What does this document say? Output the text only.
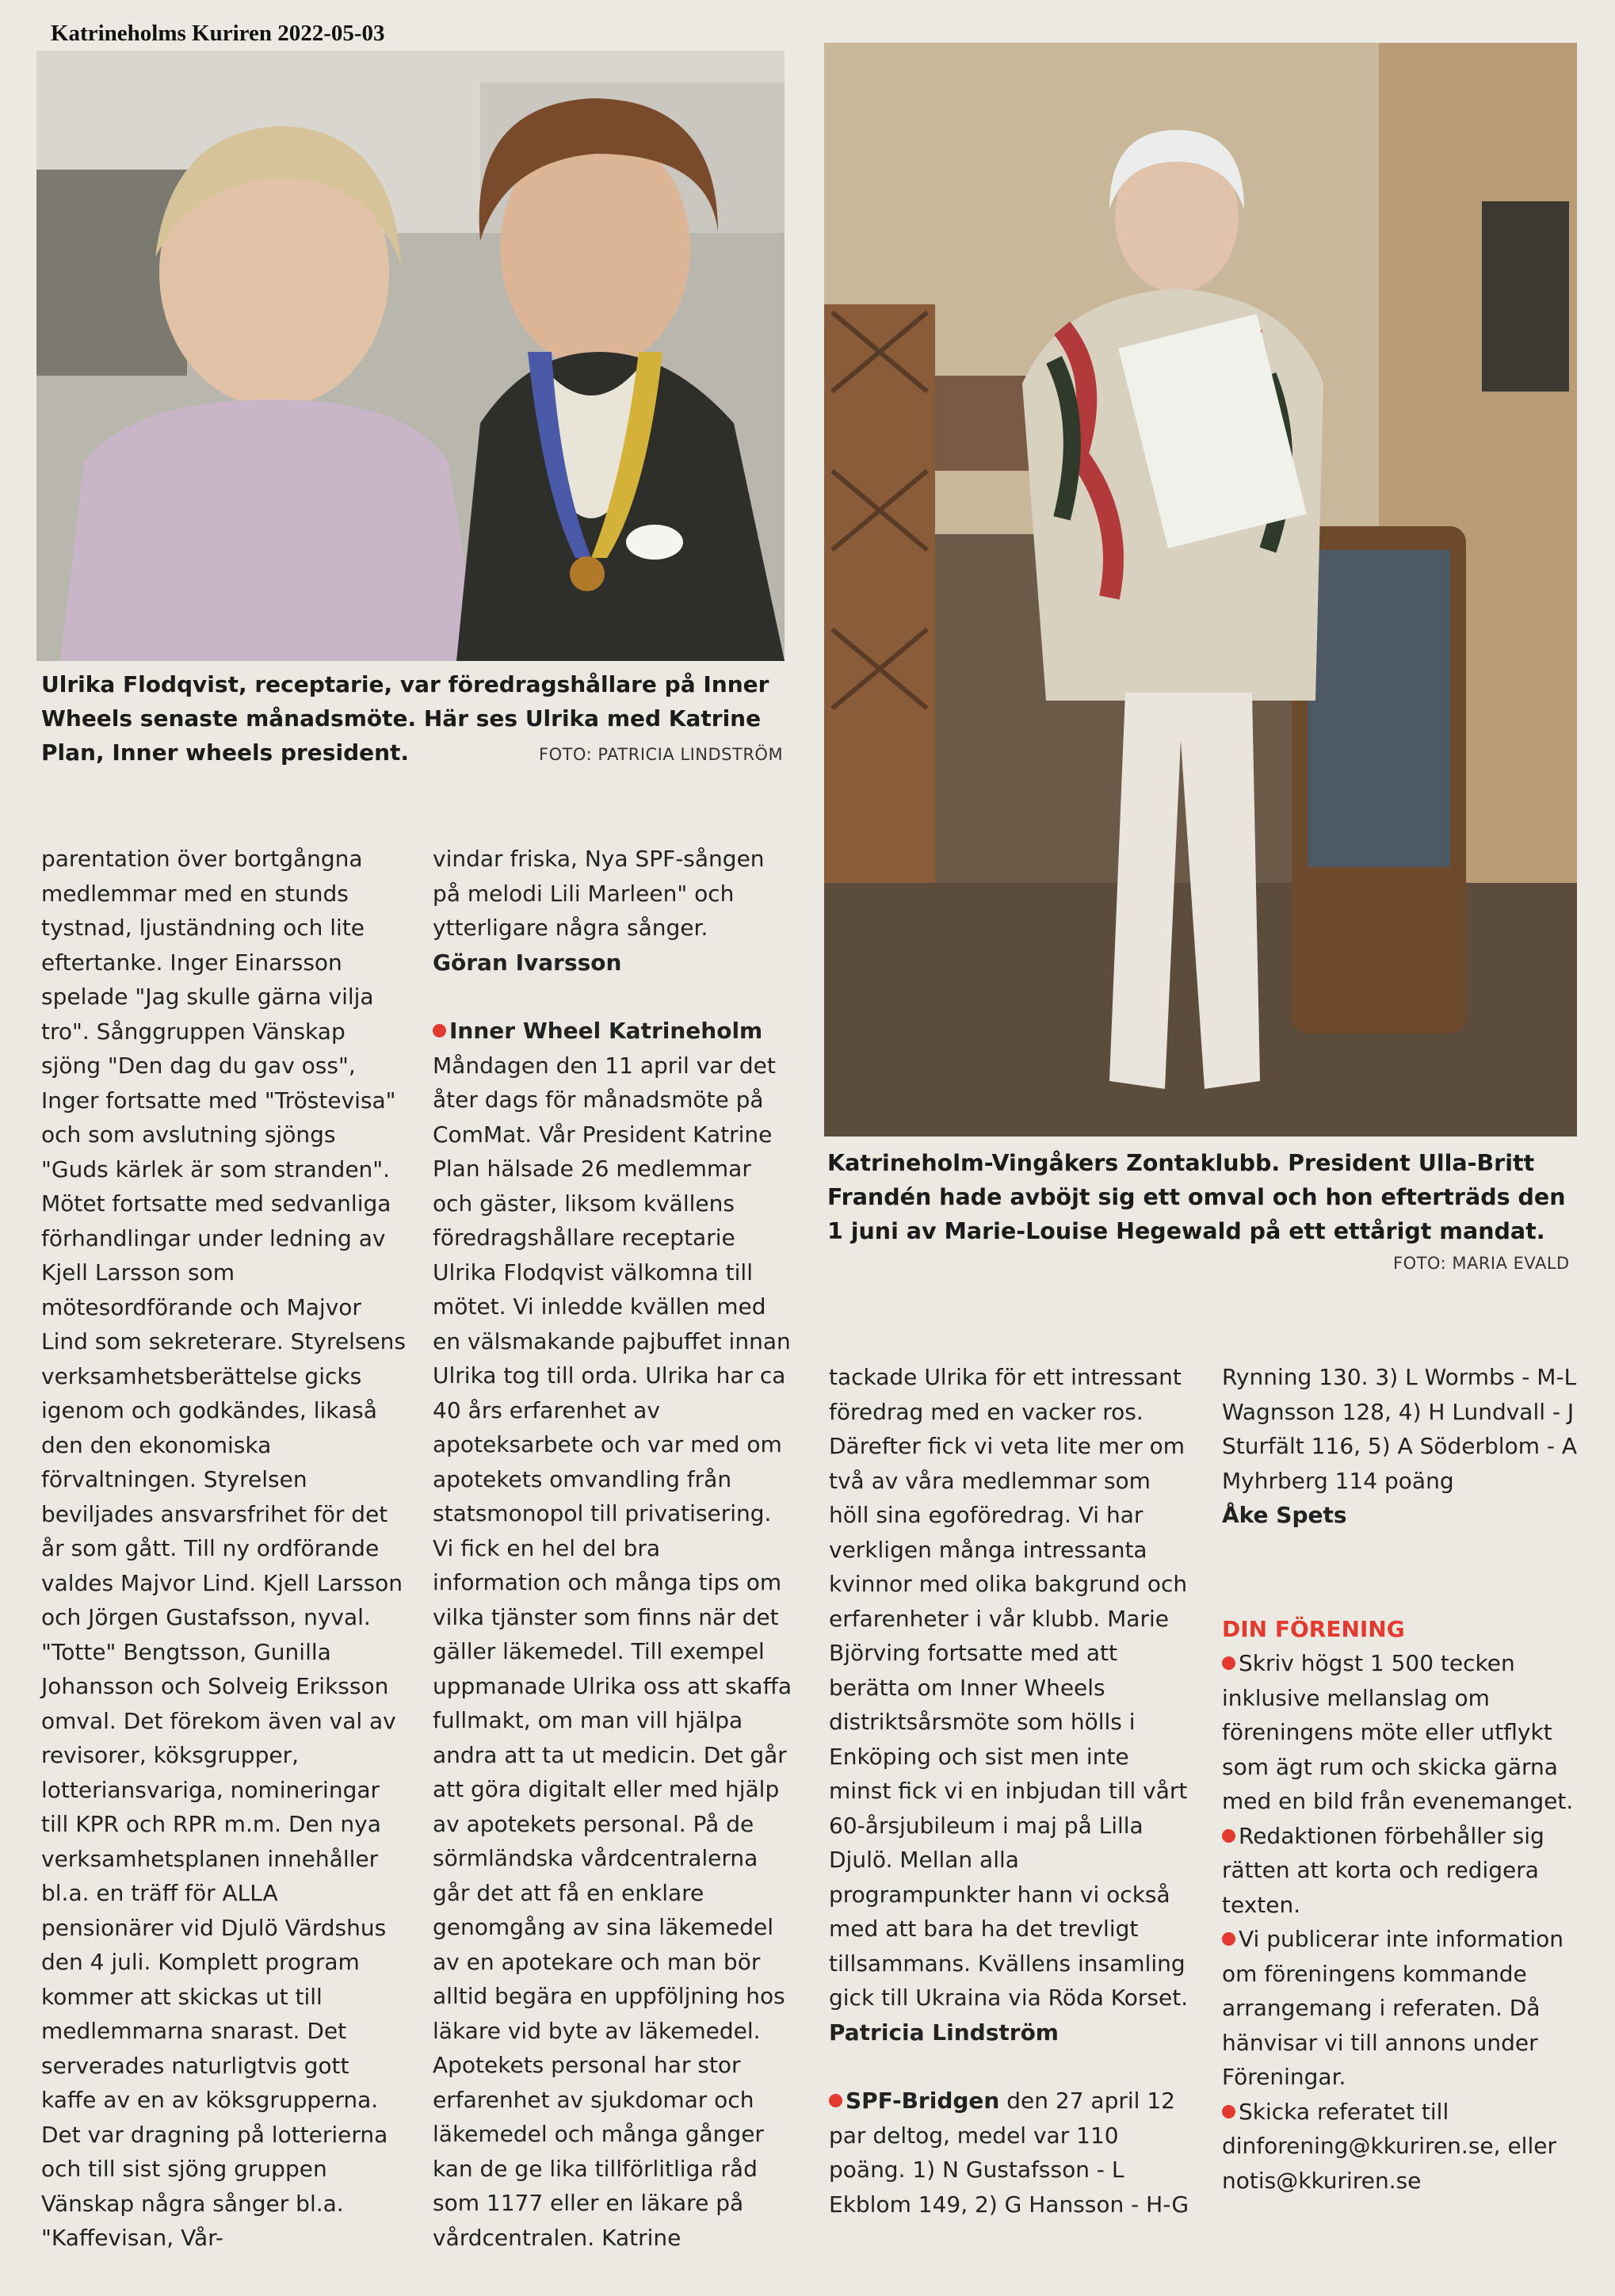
Katrineholms Kuriren 2022-05-03
Ulrika Flodqvist, receptarie, var föredragshållare på Inner Wheels senaste månadsmöte. Här ses Ulrika med Katrine Plan, Inner wheels president.	FOTO: PATRICIA LINDSTRÖM
Katrineholm-Vingåkers Zontaklubb. President Ulla-Britt Frandén hade avböjt sig ett omval och hon efterträds den 1 juni av Marie-Louise Hegewald på ett ettårigt mandat.
FOTO: MARIA EVALD

parentation över bortgångna medlemmar med en stunds tystnad, ljuständning och lite eftertanke. Inger Einarsson spelade "Jag skulle gärna vilja tro". Sånggruppen Vänskap sjöng "Den dag du gav oss", Inger fortsatte med "Tröstevisa" och som avslutning sjöngs "Guds kärlek är som stranden". Mötet fortsatte med sedvanliga förhandlingar under ledning av Kjell Larsson som mötesordförande och Majvor Lind som sekreterare. Styrelsens verksamhetsberättelse gicks igenom och godkändes, likaså den den ekonomiska förvaltningen. Styrelsen beviljades ansvarsfrihet för det år som gått. Till ny ordförande valdes Majvor Lind. Kjell Larsson och Jörgen Gustafsson, nyval. "Totte" Bengtsson, Gunilla Johansson och Solveig Eriksson omval. Det förekom även val av revisorer, köksgrupper, lotteriansvariga, nomineringar till KPR och RPR m.m. Den nya verksamhetsplanen innehåller bl.a. en träff för ALLA pensionärer vid Djulö Värdshus den 4 juli. Komplett program kommer att skickas ut till medlemmarna snarast. Det serverades naturligtvis gott kaffe av en av köksgrupperna. Det var dragning på lotterierna och till sist sjöng gruppen Vänskap några sånger bl.a. "Kaffevisan, Vår-

vindar friska, Nya SPF-sången på melodi Lili Marleen" och ytterligare några sånger.

Göran Ivarsson

Inner Wheel Katrineholm

Måndagen den 11 april var det åter dags för månadsmöte på ComMat. Vår President Katrine Plan hälsade 26 medlemmar och gäster, liksom kvällens föredragshållare receptarie Ulrika Flodqvist välkomna till mötet. Vi inledde kvällen med en välsmakande pajbuffet innan Ulrika tog till orda. Ulrika har ca 40 års erfarenhet av apoteksarbete och var med om apotekets omvandling från statsmonopol till privatisering. Vi fick en hel del bra information och många tips om vilka tjänster som finns när det gäller läkemedel. Till exempel uppmanade Ulrika oss att skaffa fullmakt, om man vill hjälpa andra att ta ut medicin. Det går att göra digitalt eller med hjälp av apotekets personal. På de sörmländska vårdcentralerna går det att få en enklare genomgång av sina läkemedel av en apotekare och man bör alltid begära en uppföljning hos läkare vid byte av läkemedel. Apotekets personal har stor erfarenhet av sjukdomar och läkemedel och många gånger kan de ge lika tillförlitliga råd som 1177 eller en läkare på vårdcentralen. Katrine

tackade Ulrika för ett intressant föredrag med en vacker ros. Därefter fick vi veta lite mer om två av våra medlemmar som höll sina egoföredrag. Vi har verkligen många intressanta kvinnor med olika bakgrund och erfarenheter i vår klubb. Marie Björving fortsatte med att berätta om Inner Wheels distriktsårsmöte som hölls i Enköping och sist men inte minst fick vi en inbjudan till vårt 60-årsjubileum i maj på Lilla Djulö. Mellan alla programpunkter hann vi också med att bara ha det trevligt tillsammans. Kvällens insamling gick till Ukraina via Röda Korset.

Patricia Lindström

SPF-Bridgen den 27 april 12 par deltog, medel var 110 poäng. 1) N Gustafsson - L Ekblom 149, 2) G Hansson - H-G

Rynning 130. 3) L Wormbs - M-L Wagnsson 128, 4) H Lundvall - J Sturfält 116, 5) A Söderblom - A Myhrberg 114 poäng

Åke Spets

DIN FÖRENING

Skriv högst 1 500 tecken inklusive mellanslag om föreningens möte eller utflykt som ägt rum och skicka gärna med en bild från evenemanget.

Redaktionen förbehåller sig rätten att korta och redigera texten.

Vi publicerar inte information om föreningens kommande arrangemang i referaten. Då hänvisar vi till annons under Föreningar.

Skicka referatet till dinforening@kkuriren.se, eller notis@kkuriren.se
